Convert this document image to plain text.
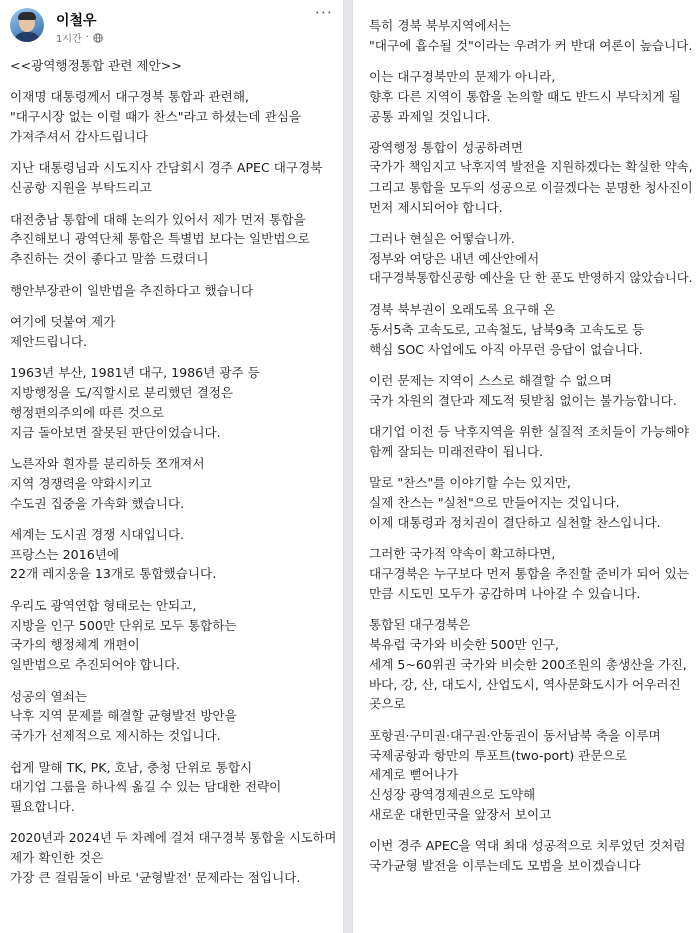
이철우
1시간 ·
···
<<광역행정통합 관련 제안>>
이재명 대통령께서 대구경북 통합과 관련해,
"대구시장 없는 이럴 때가 찬스"라고 하셨는데 관심을
가져주셔서 감사드립니다
지난 대통령님과 시도지사 간담회시 경주 APEC 대구경북
신공항 지원을 부탁드리고
대전충남 통합에 대해 논의가 있어서 제가 먼저 통합을
추진해보니 광역단체 통합은 특별법 보다는 일반법으로
추진하는 것이 좋다고 말씀 드렸더니
행안부장관이 일반법을 추진하다고 했습니다
여기에 덧붙여 제가
제안드립니다.
1963년 부산, 1981년 대구, 1986년 광주 등
지방행정을 도/직할시로 분리했던 결정은
행정편의주의에 따른 것으로
지금 돌아보면 잘못된 판단이었습니다.
노른자와 흰자를 분리하듯 쪼개져서
지역 경쟁력을 약화시키고
수도권 집중을 가속화 했습니다.
세계는 도시권 경쟁 시대입니다.
프랑스는 2016년에
22개 레지옹을 13개로 통합했습니다.
우리도 광역연합 형태로는 안되고,
지방을 인구 500만 단위로 모두 통합하는
국가의 행정체계 개편이
일반법으로 추진되어야 합니다.
성공의 열쇠는
낙후 지역 문제를 해결할 균형발전 방안을
국가가 선제적으로 제시하는 것입니다.
쉽게 말해 TK, PK, 호남, 충청 단위로 통합시
대기업 그룹을 하나씩 옮길 수 있는 담대한 전략이
필요합니다.
2020년과 2024년 두 차례에 걸쳐 대구경북 통합을 시도하며
제가 확인한 것은
가장 큰 걸림돌이 바로 '균형발전' 문제라는 점입니다.
특히 경북 북부지역에서는
"대구에 흡수될 것"이라는 우려가 커 반대 여론이 높습니다.
이는 대구경북만의 문제가 아니라,
향후 다른 지역이 통합을 논의할 때도 반드시 부닥치게 될
공통 과제일 것입니다.
광역행정 통합이 성공하려면
국가가 책임지고 낙후지역 발전을 지원하겠다는 확실한 약속,
그리고 통합을 모두의 성공으로 이끌겠다는 분명한 청사진이
먼저 제시되어야 합니다.
그러나 현실은 어떻습니까.
정부와 여당은 내년 예산안에서
대구경북통합신공항 예산을 단 한 푼도 반영하지 않았습니다.
경북 북부권이 오래도록 요구해 온
동서5축 고속도로, 고속철도, 남북9축 고속도로 등
핵심 SOC 사업에도 아직 아무런 응답이 없습니다.
이런 문제는 지역이 스스로 해결할 수 없으며
국가 차원의 결단과 제도적 뒷받침 없이는 불가능합니다.
대기업 이전 등 낙후지역을 위한 실질적 조치들이 가능해야
함께 잘되는 미래전략이 됩니다.
말로 "찬스"를 이야기할 수는 있지만,
실제 찬스는 "실천"으로 만들어지는 것입니다.
이제 대통령과 정치권이 결단하고 실천할 찬스입니다.
그러한 국가적 약속이 확고하다면,
대구경북은 누구보다 먼저 통합을 추진할 준비가 되어 있는
만큼 시도민 모두가 공감하며 나아갈 수 있습니다.
통합된 대구경북은
북유럽 국가와 비슷한 500만 인구,
세계 5~60위권 국가와 비슷한 200조원의 총생산을 가진,
바다, 강, 산, 대도시, 산업도시, 역사문화도시가 어우러진
곳으로
포항권·구미권·대구권·안동권이 동서남북 축을 이루며
국제공항과 항만의 투포트(two-port) 관문으로
세계로 뻗어나가
신성장 광역경제권으로 도약해
새로운 대한민국을 앞장서 보이고
이번 경주 APEC을 역대 최대 성공적으로 치루었던 것처럼
국가균형 발전을 이루는데도 모범을 보이겠습니다
